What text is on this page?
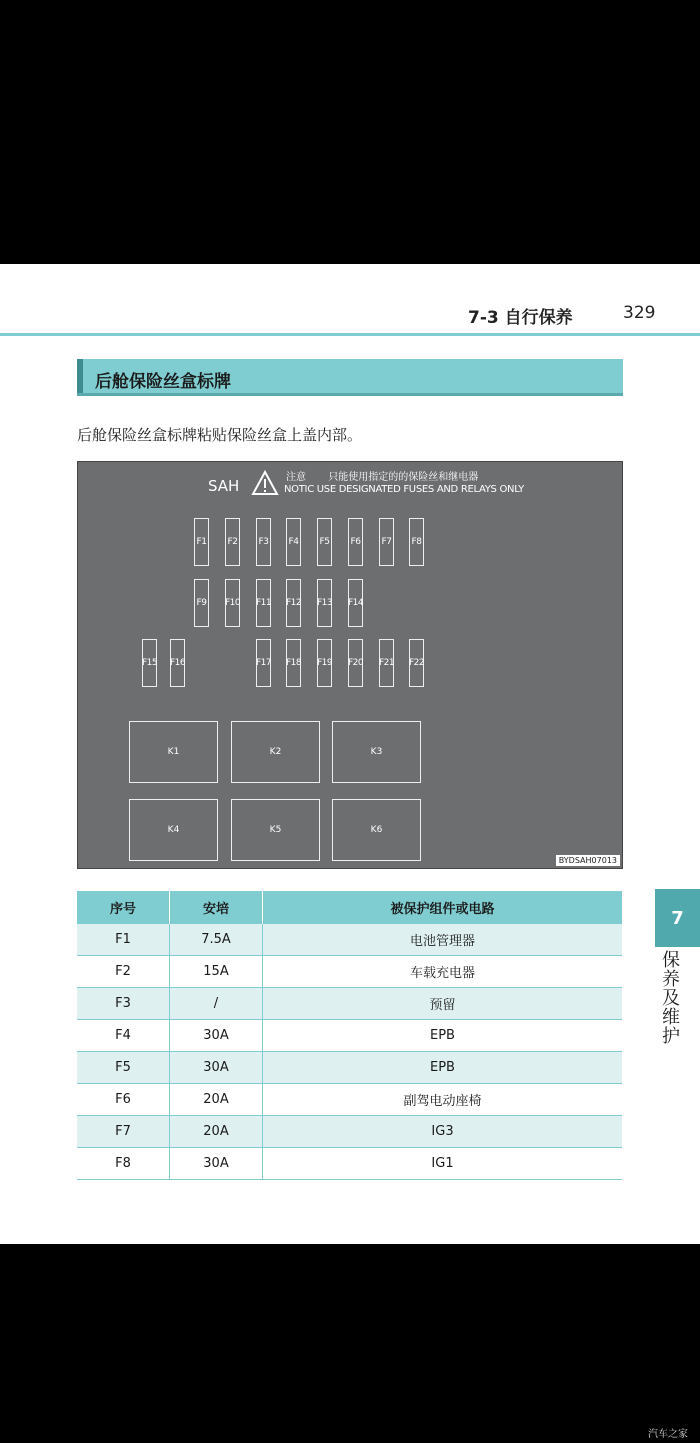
7-3 自行保养	329
后舱保险丝盒标牌
后舱保险丝盒标牌粘贴保险丝盒上盖内部。
SAH	注意       只能使用指定的的保险丝和继电器
NOTIC USE DESIGNATED FUSES AND RELAYS ONLY
F1 F2 F3 F4 F5 F6 F7 F8
F9 F10 F11 F12 F13 F14
F15 F16	F17 F18 F19 F20 F21 F22
K1	K2	K3
K4	K5	K6
BYDSAH07013
序号	安培	被保护组件或电路
F1	7.5A	电池管理器
F2	15A	车载充电器
F3	/	预留
F4	30A	EPB
F5	30A	EPB
F6	20A	副驾电动座椅
F7	20A	IG3
F8	30A	IG1
7
保养及维护
汽车之家
